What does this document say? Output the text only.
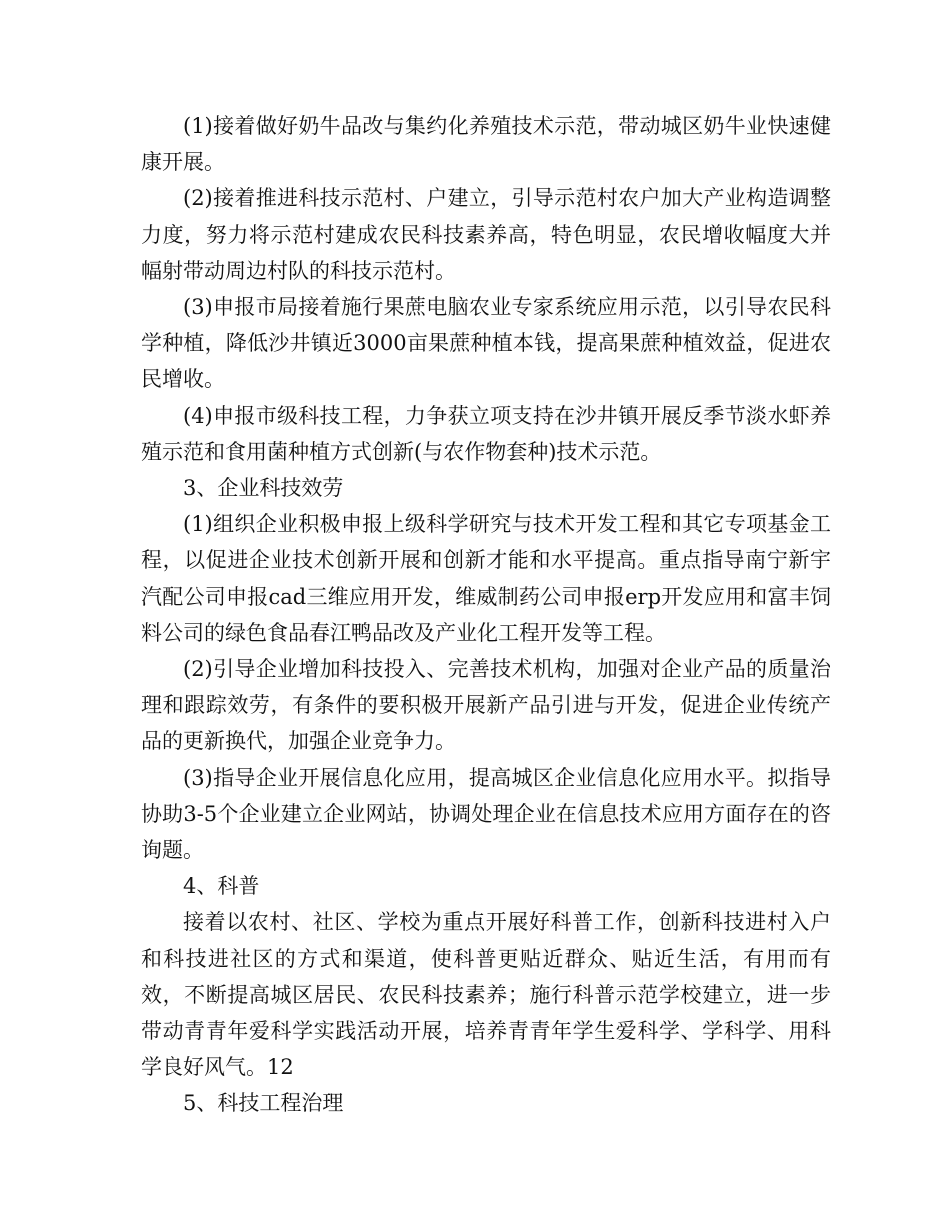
(1)接着做好奶牛品改与集约化养殖技术示范，带动城区奶牛业快速健康开展。

(2)接着推进科技示范村、户建立，引导示范村农户加大产业构造调整力度，努力将示范村建成农民科技素养高，特色明显，农民增收幅度大并幅射带动周边村队的科技示范村。

(3)申报市局接着施行果蔗电脑农业专家系统应用示范，以引导农民科学种植，降低沙井镇近3000亩果蔗种植本钱，提高果蔗种植效益，促进农民增收。

(4)申报市级科技工程，力争获立项支持在沙井镇开展反季节淡水虾养殖示范和食用菌种植方式创新(与农作物套种)技术示范。

3、企业科技效劳

(1)组织企业积极申报上级科学研究与技术开发工程和其它专项基金工程，以促进企业技术创新开展和创新才能和水平提高。重点指导南宁新宇汽配公司申报cad三维应用开发，维威制药公司申报erp开发应用和富丰饲料公司的绿色食品春江鸭品改及产业化工程开发等工程。

(2)引导企业增加科技投入、完善技术机构，加强对企业产品的质量治理和跟踪效劳，有条件的要积极开展新产品引进与开发，促进企业传统产品的更新换代，加强企业竞争力。

(3)指导企业开展信息化应用，提高城区企业信息化应用水平。拟指导协助3-5个企业建立企业网站，协调处理企业在信息技术应用方面存在的咨询题。

4、科普

接着以农村、社区、学校为重点开展好科普工作，创新科技进村入户和科技进社区的方式和渠道，使科普更贴近群众、贴近生活，有用而有效，不断提高城区居民、农民科技素养；施行科普示范学校建立，进一步带动青青年爱科学实践活动开展，培养青青年学生爱科学、学科学、用科学良好风气。12

5、科技工程治理
